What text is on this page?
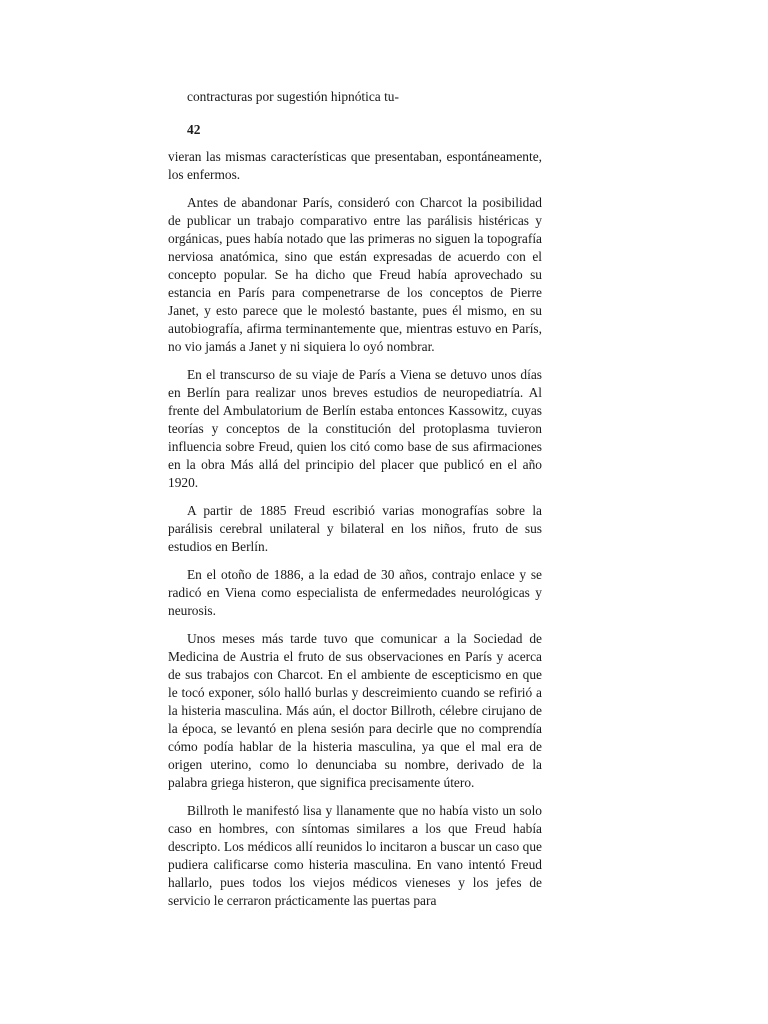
contracturas por sugestión hipnótica tu-

42

vieran las mismas características que presentaban, espontáneamente, los enfermos.

Antes de abandonar París, consideró con Charcot la posibilidad de publicar un trabajo comparativo entre las parálisis histéricas y orgánicas, pues había notado que las primeras no siguen la topografía nerviosa anatómica, sino que están expresadas de acuerdo con el concepto popular. Se ha dicho que Freud había aprovechado su estancia en París para compenetrarse de los conceptos de Pierre Janet, y esto parece que le molestó bastante, pues él mismo, en su autobiografía, afirma terminantemente que, mientras estuvo en París, no vio jamás a Janet y ni siquiera lo oyó nombrar.

En el transcurso de su viaje de París a Viena se detuvo unos días en Berlín para realizar unos breves estudios de neuropediatría. Al frente del Ambulatorium de Berlín estaba entonces Kassowitz, cuyas teorías y conceptos de la constitución del protoplasma tuvieron influencia sobre Freud, quien los citó como base de sus afirmaciones en la obra Más allá del principio del placer que publicó en el año 1920.

A partir de 1885 Freud escribió varias monografías sobre la parálisis cerebral unilateral y bilateral en los niños, fruto de sus estudios en Berlín.

En el otoño de 1886, a la edad de 30 años, contrajo enlace y se radicó en Viena como especialista de enfermedades neurológicas y neurosis.

Unos meses más tarde tuvo que comunicar a la Sociedad de Medicina de Austria el fruto de sus observaciones en París y acerca de sus trabajos con Charcot. En el ambiente de escepticismo en que le tocó exponer, sólo halló burlas y descreimiento cuando se refirió a la histeria masculina. Más aún, el doctor Billroth, célebre cirujano de la época, se levantó en plena sesión para decirle que no comprendía cómo podía hablar de la histeria masculina, ya que el mal era de origen uterino, como lo denunciaba su nombre, derivado de la palabra griega histeron, que significa precisamente útero.

Billroth le manifestó lisa y llanamente que no había visto un solo caso en hombres, con síntomas similares a los que Freud había descripto. Los médicos allí reunidos lo incitaron a buscar un caso que pudiera calificarse como histeria masculina. En vano intentó Freud hallarlo, pues todos los viejos médicos vieneses y los jefes de servicio le cerraron prácticamente las puertas para
